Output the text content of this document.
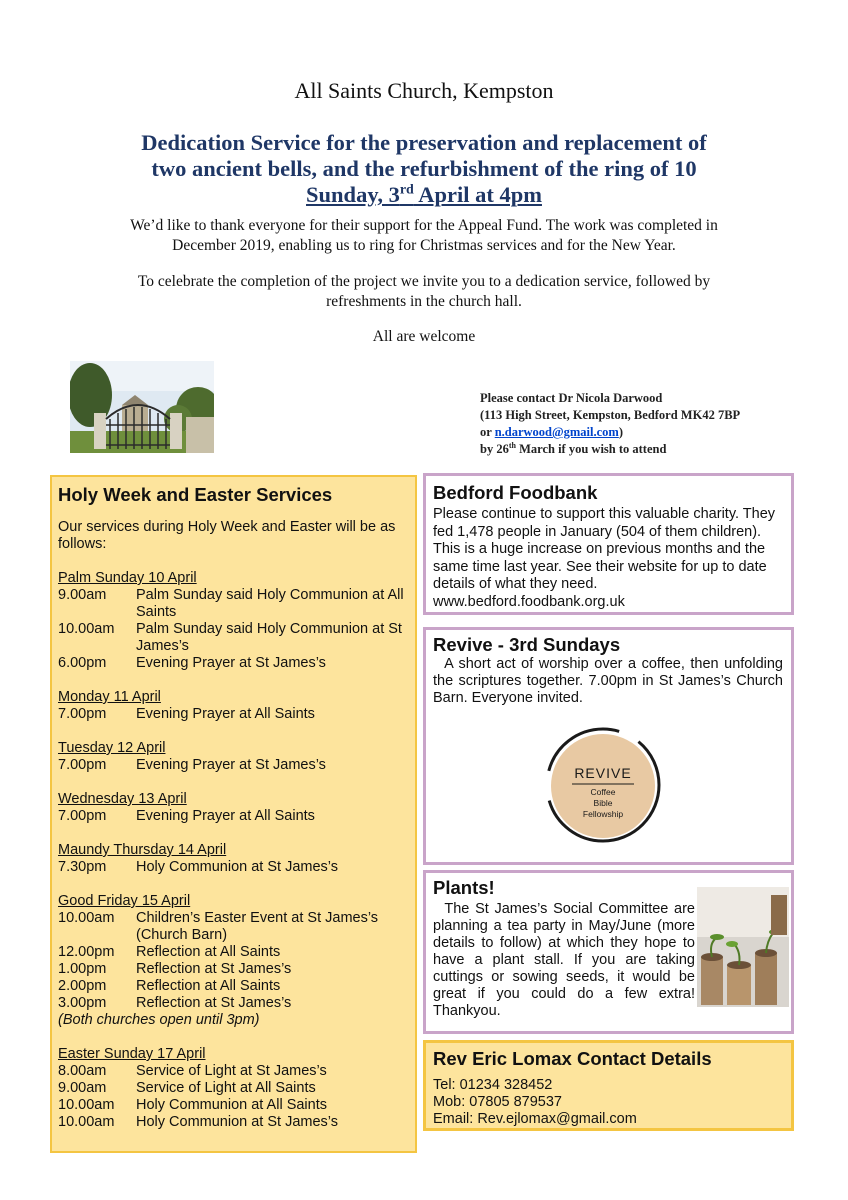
All Saints Church, Kempston
Dedication Service for the preservation and replacement of
two ancient bells, and the refurbishment of the ring of 10
Sunday, 3rd April at 4pm
We’d like to thank everyone for their support for the Appeal Fund. The work was completed in
December 2019, enabling us to ring for Christmas services and for the New Year.
To celebrate the completion of the project we invite you to a dedication service, followed by
refreshments in the church hall.
All are welcome
Please contact Dr Nicola Darwood
(113 High Street, Kempston, Bedford MK42 7BP
or n.darwood@gmail.com)
by 26th March if you wish to attend
Holy Week and Easter Services
Our services during Holy Week and Easter will be as follows:
Palm Sunday 10 April
9.00am	Palm Sunday said Holy Communion at All Saints
10.00am	Palm Sunday said Holy Communion at St James’s
6.00pm	Evening Prayer at St James’s
Monday 11 April
7.00pm	Evening Prayer at All Saints
Tuesday 12 April
7.00pm	Evening Prayer at St James’s
Wednesday 13 April
7.00pm	Evening Prayer at All Saints
Maundy Thursday 14 April
7.30pm	Holy Communion at St James’s
Good Friday 15 April
10.00am	Children’s Easter Event at St James’s (Church Barn)
12.00pm	Reflection at All Saints
1.00pm	Reflection at St James’s
2.00pm	Reflection at All Saints
3.00pm	Reflection at St James’s
(Both churches open until 3pm)
Easter Sunday 17 April
8.00am	Service of Light at St James’s
9.00am	Service of Light at All Saints
10.00am	Holy Communion at All Saints
10.00am	Holy Communion at St James’s
Bedford Foodbank

Please continue to support this valuable charity. They fed 1,478 people in January (504 of them children). This is a huge increase on previous months and the same time last year. See their website for up to date details of what they need.

www.bedford.foodbank.org.uk

Revive - 3rd Sundays

A short act of worship over a coffee, then unfolding the scriptures together. 7.00pm in St James’s Church Barn. Everyone invited.

REVIVE
Coffee
Bible
Fellowship
Plants!

The St James’s Social Committee are planning a tea party in May/June (more details to follow) at which they hope to have a plant stall. If you are taking cuttings or sowing seeds, it would be great if you could do a few extra! Thankyou.

Rev Eric Lomax Contact Details

Tel: 01234 328452

Mob: 07805 879537

Email: Rev.ejlomax@gmail.com
